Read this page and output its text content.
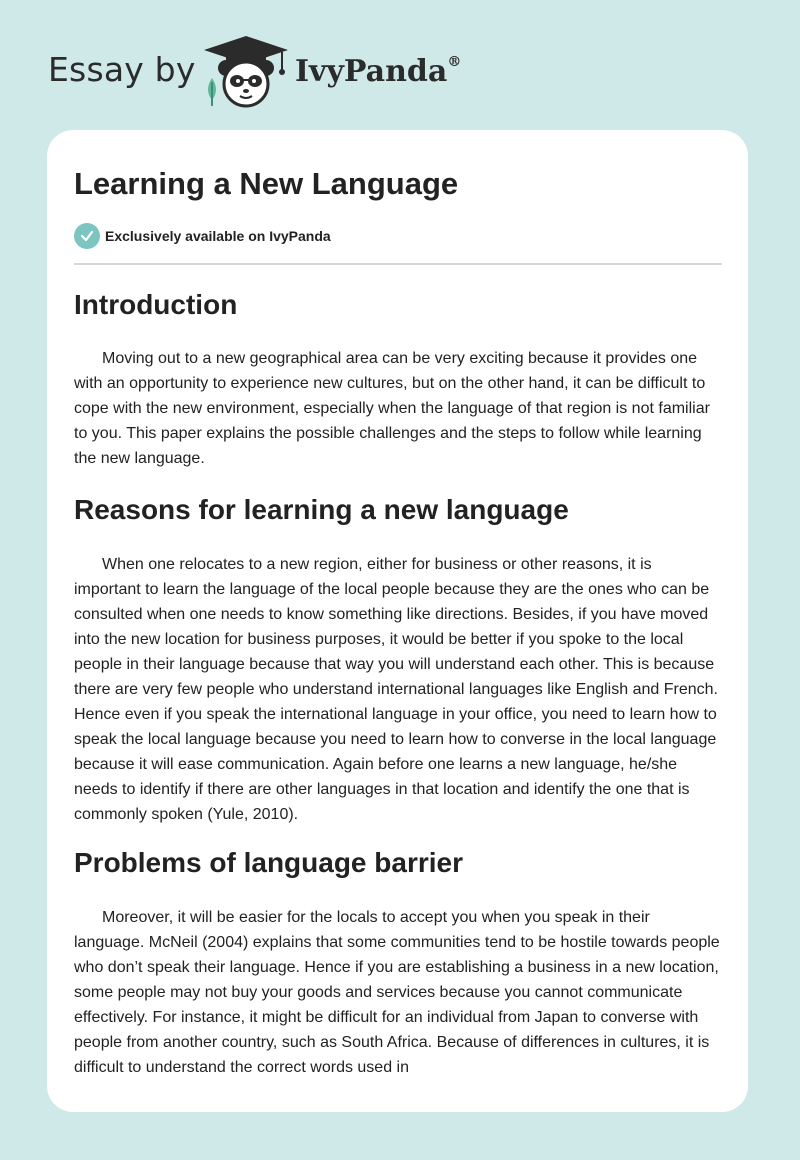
Essay by	IvyPanda®
Learning a New Language
Exclusively available on IvyPanda
Introduction

Moving out to a new geographical area can be very exciting because it provides one with an opportunity to experience new cultures, but on the other hand, it can be difficult to cope with the new environment, especially when the language of that region is not familiar to you. This paper explains the possible challenges and the steps to follow while learning the new language.

Reasons for learning a new language

When one relocates to a new region, either for business or other reasons, it is important to learn the language of the local people because they are the ones who can be consulted when one needs to know something like directions. Besides, if you have moved into the new location for business purposes, it would be better if you spoke to the local people in their language because that way you will understand each other. This is because there are very few people who understand international languages like English and French. Hence even if you speak the international language in your office, you need to learn how to speak the local language because you need to learn how to converse in the local language because it will ease communication. Again before one learns a new language, he/she needs to identify if there are other languages in that location and identify the one that is commonly spoken (Yule, 2010).

Problems of language barrier

Moreover, it will be easier for the locals to accept you when you speak in their language. McNeil (2004) explains that some communities tend to be hostile towards people who don’t speak their language. Hence if you are establishing a business in a new location, some people may not buy your goods and services because you cannot communicate effectively. For instance, it might be difficult for an individual from Japan to converse with people from another country, such as South Africa. Because of differences in cultures, it is difficult to understand the correct words used in
